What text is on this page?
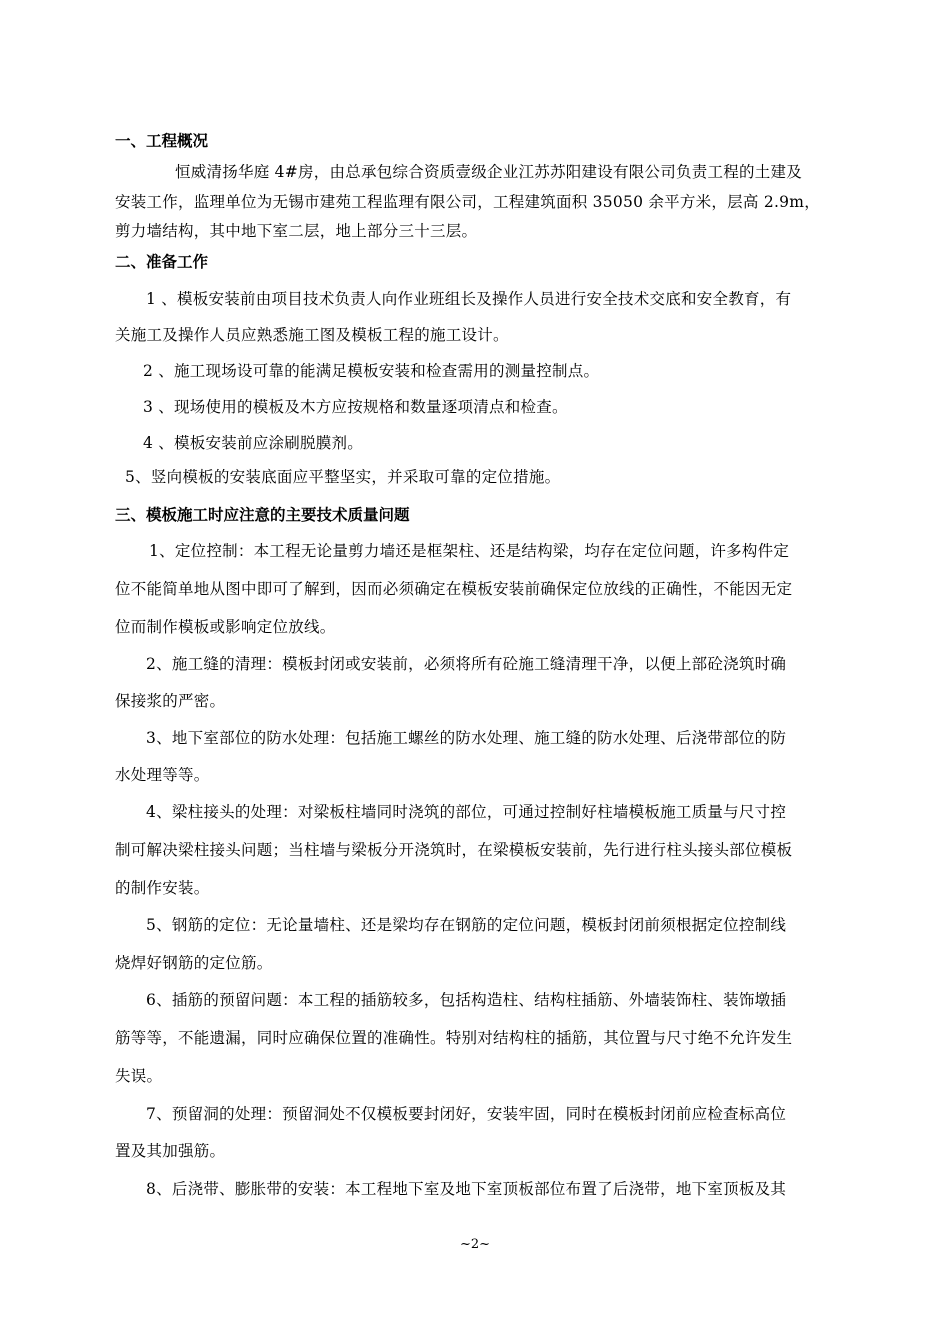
一、工程概况
恒威清扬华庭 4#房，由总承包综合资质壹级企业江苏苏阳建设有限公司负责工程的土建及
安装工作，监理单位为无锡市建苑工程监理有限公司，工程建筑面积 35050 余平方米，层高 2.9m，
剪力墙结构，其中地下室二层，地上部分三十三层。
二、准备工作
1 、模板安装前由项目技术负责人向作业班组长及操作人员进行安全技术交底和安全教育，有
关施工及操作人员应熟悉施工图及模板工程的施工设计。
2 、施工现场设可靠的能满足模板安装和检查需用的测量控制点。
3 、现场使用的模板及木方应按规格和数量逐项清点和检查。
4 、模板安装前应涂刷脱膜剂。
5、竖向模板的安装底面应平整坚实，并采取可靠的定位措施。
三、模板施工时应注意的主要技术质量问题
1、定位控制：本工程无论量剪力墙还是框架柱、还是结构梁，均存在定位问题，许多构件定
位不能简单地从图中即可了解到，因而必须确定在模板安装前确保定位放线的正确性，不能因无定
位而制作模板或影响定位放线。
2、施工缝的清理：模板封闭或安装前，必须将所有砼施工缝清理干净，以便上部砼浇筑时确
保接浆的严密。
3、地下室部位的防水处理：包括施工螺丝的防水处理、施工缝的防水处理、后浇带部位的防
水处理等等。
4、梁柱接头的处理：对梁板柱墙同时浇筑的部位，可通过控制好柱墙模板施工质量与尺寸控
制可解决梁柱接头问题；当柱墙与梁板分开浇筑时，在梁模板安装前，先行进行柱头接头部位模板
的制作安装。
5、钢筋的定位：无论量墙柱、还是梁均存在钢筋的定位问题，模板封闭前须根据定位控制线
烧焊好钢筋的定位筋。
6、插筋的预留问题：本工程的插筋较多，包括构造柱、结构柱插筋、外墙装饰柱、装饰墩插
筋等等，不能遗漏，同时应确保位置的准确性。特别对结构柱的插筋，其位置与尺寸绝不允许发生
失误。
7、预留洞的处理：预留洞处不仅模板要封闭好，安装牢固，同时在模板封闭前应检查标高位
置及其加强筋。
8、后浇带、膨胀带的安装：本工程地下室及地下室顶板部位布置了后浇带，地下室顶板及其
~2~
